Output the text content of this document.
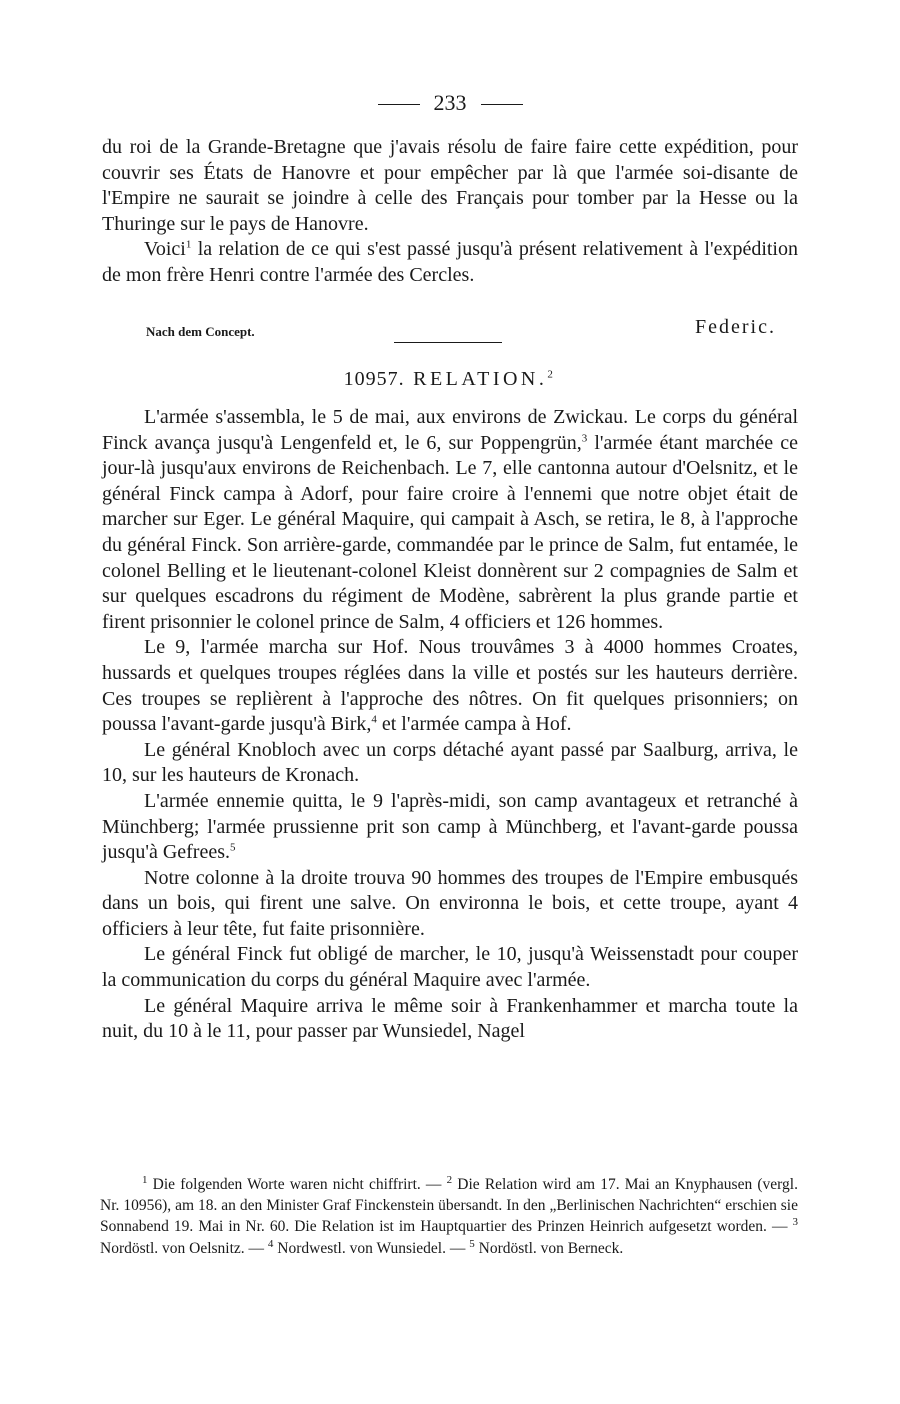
233

du roi de la Grande-Bretagne que j'avais résolu de faire faire cette expédition, pour couvrir ses États de Hanovre et pour empêcher par là que l'armée soi-disante de l'Empire ne saurait se joindre à celle des Français pour tomber par la Hesse ou la Thuringe sur le pays de Hanovre.

Voici$^1$ la relation de ce qui s'est passé jusqu'à présent relativement à l'expédition de mon frère Henri contre l'armée des Cercles.

Nach dem Concept.	Federic.
10957. RELATION.$^2$

L'armée s'assembla, le 5 de mai, aux environs de Zwickau. Le corps du général Finck avança jusqu'à Lengenfeld et, le 6, sur Poppengrün,$^3$ l'armée étant marchée ce jour-là jusqu'aux environs de Reichenbach. Le 7, elle cantonna autour d'Oelsnitz, et le général Finck campa à Adorf, pour faire croire à l'ennemi que notre objet était de marcher sur Eger. Le général Maquire, qui campait à Asch, se retira, le 8, à l'approche du général Finck. Son arrière-garde, commandée par le prince de Salm, fut entamée, le colonel Belling et le lieutenant-colonel Kleist donnèrent sur 2 compagnies de Salm et sur quelques escadrons du régiment de Modène, sabrèrent la plus grande partie et firent prisonnier le colonel prince de Salm, 4 officiers et 126 hommes.

Le 9, l'armée marcha sur Hof. Nous trouvâmes 3 à 4000 hommes Croates, hussards et quelques troupes réglées dans la ville et postés sur les hauteurs derrière. Ces troupes se replièrent à l'approche des nôtres. On fit quelques prisonniers; on poussa l'avant-garde jusqu'à Birk,$^4$ et l'armée campa à Hof.

Le général Knobloch avec un corps détaché ayant passé par Saalburg, arriva, le 10, sur les hauteurs de Kronach.

L'armée ennemie quitta, le 9 l'après-midi, son camp avantageux et retranché à Münchberg; l'armée prussienne prit son camp à Münchberg, et l'avant-garde poussa jusqu'à Gefrees.$^5$

Notre colonne à la droite trouva 90 hommes des troupes de l'Empire embusqués dans un bois, qui firent une salve. On environna le bois, et cette troupe, ayant 4 officiers à leur tête, fut faite prisonnière.

Le général Finck fut obligé de marcher, le 10, jusqu'à Weissenstadt pour couper la communication du corps du général Maquire avec l'armée.

Le général Maquire arriva le même soir à Frankenhammer et marcha toute la nuit, du 10 à le 11, pour passer par Wunsiedel, Nagel

$^1$ Die folgenden Worte waren nicht chiffrirt. — $^2$ Die Relation wird am 17. Mai an Knyphausen (vergl. Nr. 10956), am 18. an den Minister Graf Finckenstein übersandt. In den „Berlinischen Nachrichten“ erschien sie Sonnabend 19. Mai in Nr. 60. Die Relation ist im Hauptquartier des Prinzen Heinrich aufgesetzt worden. — $^3$ Nordöstl. von Oelsnitz. — $^4$ Nordwestl. von Wunsiedel. — $^5$ Nordöstl. von Berneck.
